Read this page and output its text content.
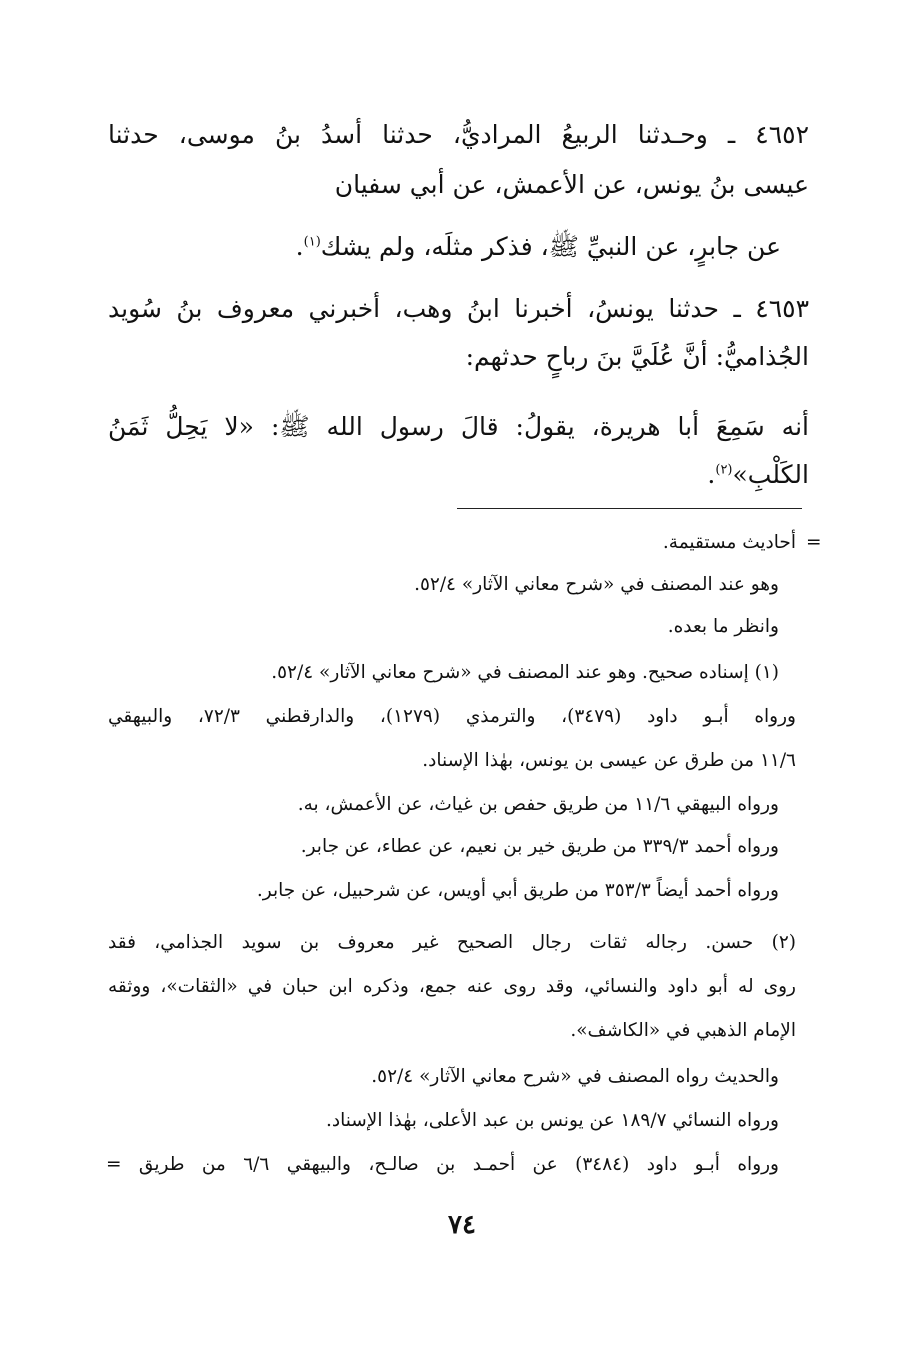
٤٦٥٢ ـ وحـدثنا الربيعُ المراديُّ، حدثنا أسدُ بنُ موسى، حدثنا
عيسى بنُ يونس، عن الأعمش، عن أبي سفيان
عن جابرٍ، عن النبيِّ ﷺ، فذكر مثلَه، ولم يشك$^{(١)}$.
٤٦٥٣ ـ حدثنا يونسُ، أخبرنا ابنُ وهب، أخبرني معروف بنُ سُويد
الجُذاميُّ: أنَّ عُلَيَّ بنَ رباحٍ حدثهم:
أنه سَمِعَ أبا هريرة، يقولُ: قالَ رسول الله ﷺ: «لا يَحِلُّ ثَمَنُ
الكَلْبِ»$^{(٢)}$.
=
أحاديث مستقيمة.
وهو عند المصنف في «شرح معاني الآثار» ٥٢/٤.
وانظر ما بعده.
(١) إسناده صحيح. وهو عند المصنف في «شرح معاني الآثار» ٥٢/٤.
ورواه أبـو داود (٣٤٧٩)، والترمذي (١٢٧٩)، والدارقطني ٧٢/٣، والبيهقي
١١/٦ من طرق عن عيسى بن يونس، بهٰذا الإسناد.
ورواه البيهقي ١١/٦ من طريق حفص بن غياث، عن الأعمش، به.
ورواه أحمد ٣٣٩/٣ من طريق خير بن نعيم، عن عطاء، عن جابر.
ورواه أحمد أيضاً ٣٥٣/٣ من طريق أبي أويس، عن شرحبيل، عن جابر.
(٢) حسن. رجاله ثقات رجال الصحيح غير معروف بن سويد الجذامي، فقد
روى له أبو داود والنسائي، وقد روى عنه جمع، وذكره ابن حبان في «الثقات»، ووثقه
الإمام الذهبي في «الكاشف».
والحديث رواه المصنف في «شرح معاني الآثار» ٥٢/٤.
ورواه النسائي ١٨٩/٧ عن يونس بن عبد الأعلى، بهٰذا الإسناد.
ورواه أبـو داود (٣٤٨٤) عن أحمـد بن صالـح، والبيهقي ٦/٦ من طريق =
٧٤
